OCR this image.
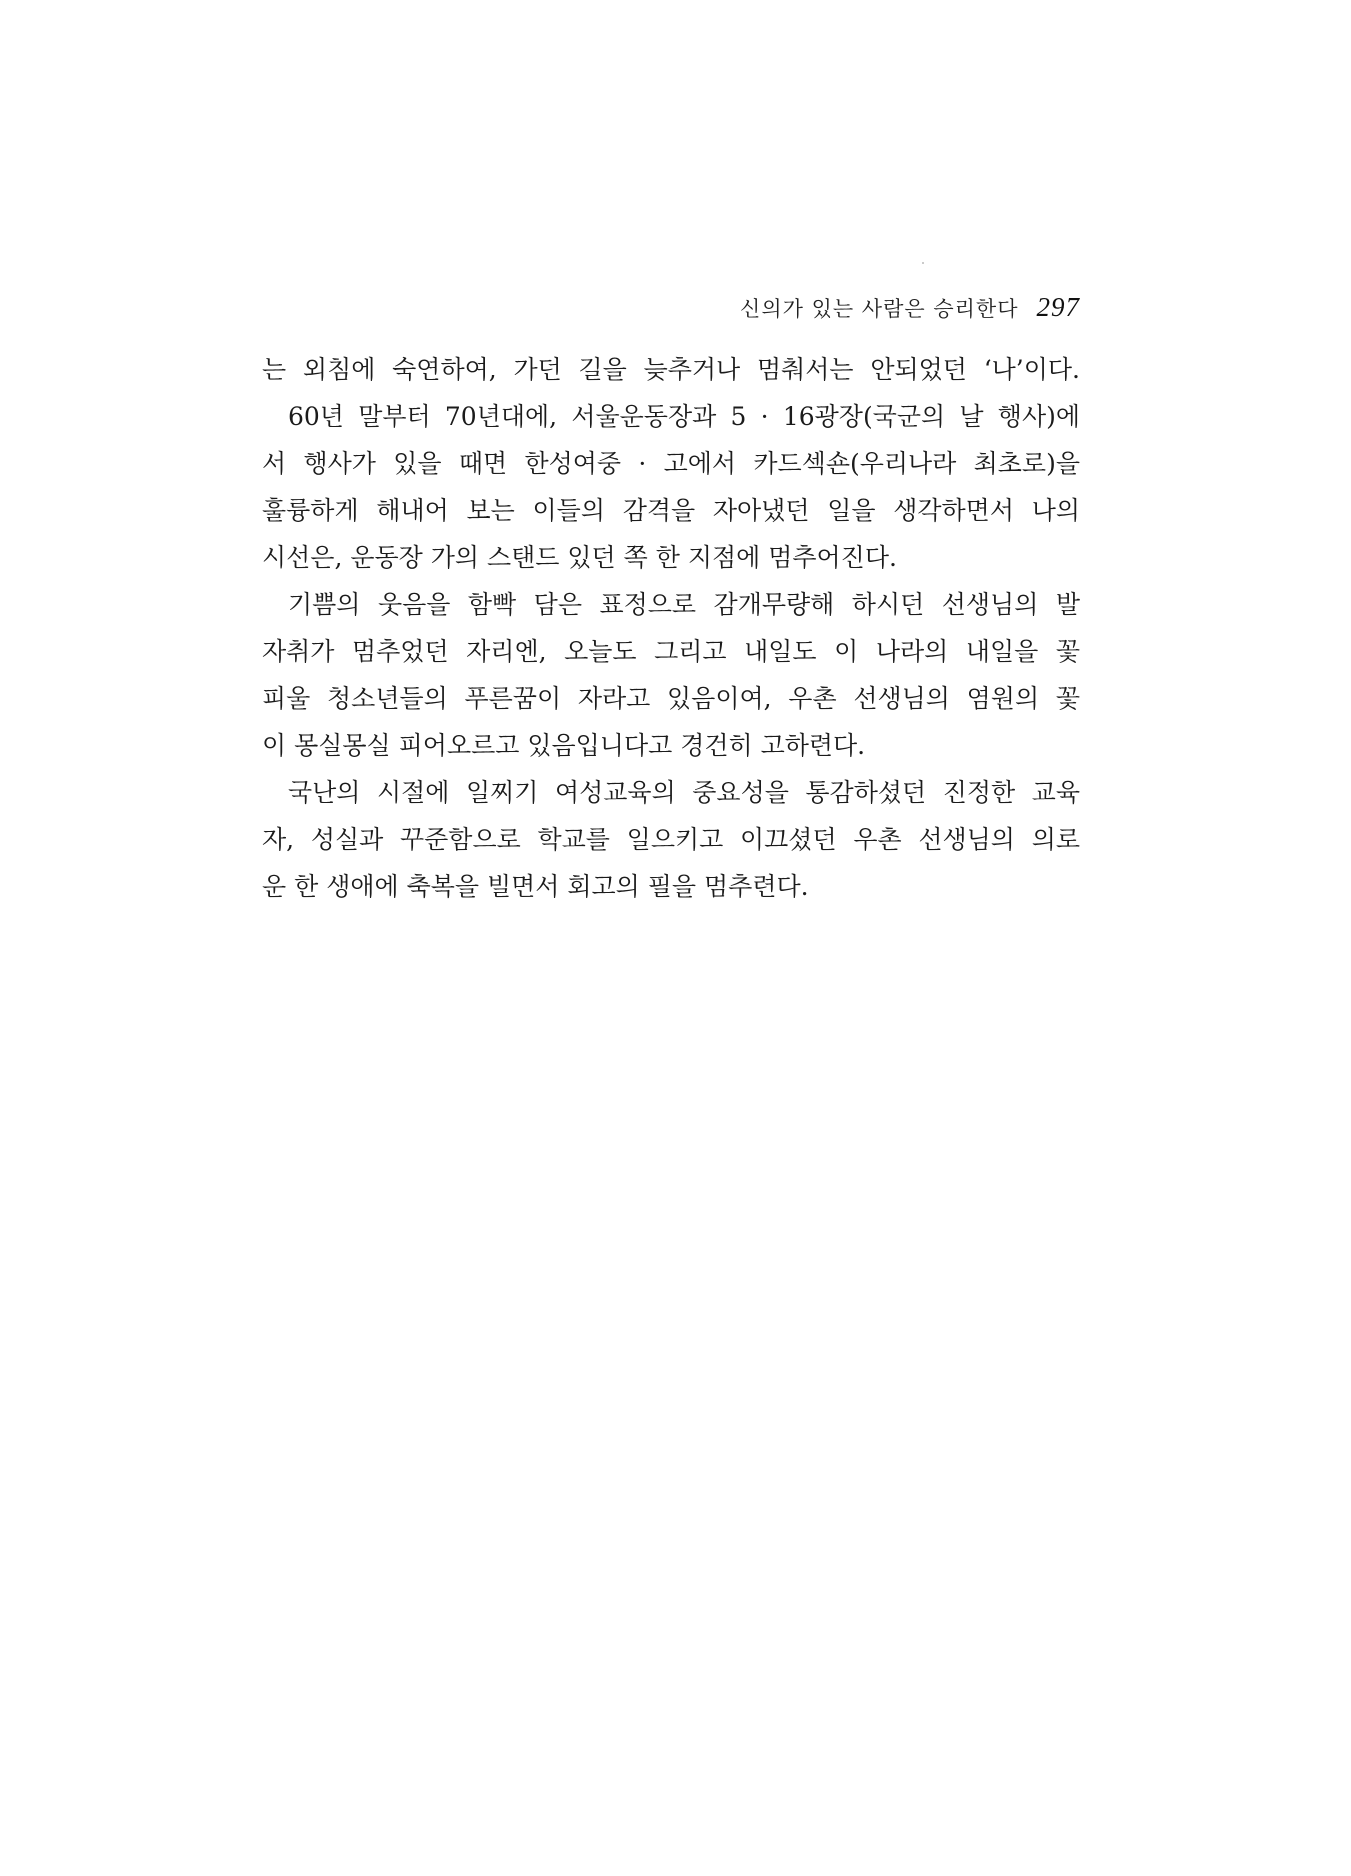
신의가 있는 사람은 승리한다 297
는 외침에 숙연하여, 가던 길을 늦추거나 멈춰서는 안되었던 ‘나’이다.
60년 말부터 70년대에, 서울운동장과 5 · 16광장(국군의 날 행사)에
서 행사가 있을 때면 한성여중 · 고에서 카드섹숀(우리나라 최초로)을
훌륭하게 해내어 보는 이들의 감격을 자아냈던 일을 생각하면서 나의
시선은, 운동장 가의 스탠드 있던 쪽 한 지점에 멈추어진다.
기쁨의 웃음을 함빡 담은 표정으로 감개무량해 하시던 선생님의 발
자취가 멈추었던 자리엔, 오늘도 그리고 내일도 이 나라의 내일을 꽃
피울 청소년들의 푸른꿈이 자라고 있음이여, 우촌 선생님의 염원의 꽃
이 몽실몽실 피어오르고 있음입니다고 경건히 고하련다.
국난의 시절에 일찌기 여성교육의 중요성을 통감하셨던 진정한 교육
자, 성실과 꾸준함으로 학교를 일으키고 이끄셨던 우촌 선생님의 의로
운 한 생애에 축복을 빌면서 회고의 필을 멈추련다.
